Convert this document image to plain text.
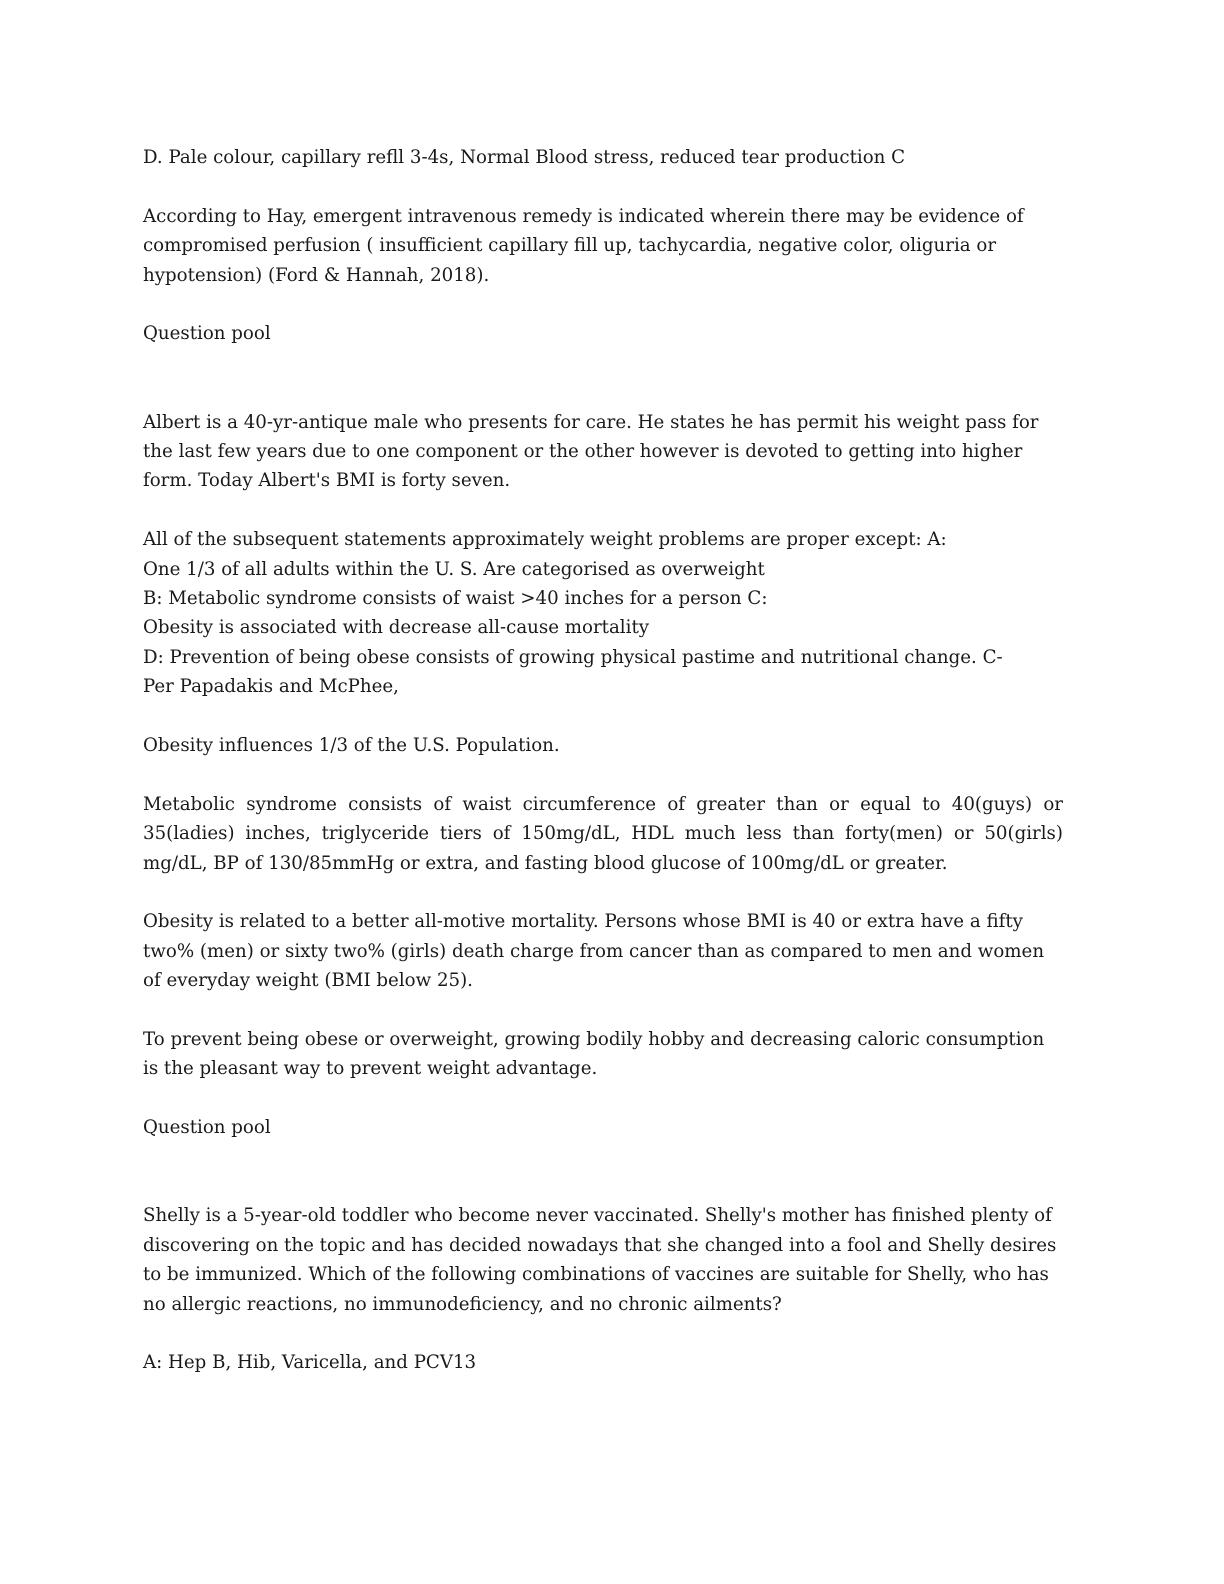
D. Pale colour, capillary refll 3-4s, Normal Blood stress, reduced tear production C

According to Hay, emergent intravenous remedy is indicated wherein there may be evidence of

compromised perfusion ( insufficient capillary fill up, tachycardia, negative color, oliguria or

hypotension) (Ford & Hannah, 2018).

Question pool

Albert is a 40-yr-antique male who presents for care. He states he has permit his weight pass for

the last few years due to one component or the other however is devoted to getting into higher

form. Today Albert's BMI is forty seven.

All of the subsequent statements approximately weight problems are proper except: A:

One 1/3 of all adults within the U. S. Are categorised as overweight

B: Metabolic syndrome consists of waist >40 inches for a person C:

Obesity is associated with decrease all-cause mortality

D: Prevention of being obese consists of growing physical pastime and nutritional change. C-

Per Papadakis and McPhee,

Obesity influences 1/3 of the U.S. Population.

Metabolic syndrome consists of waist circumference of greater than or equal to 40(guys) or

35(ladies) inches, triglyceride tiers of 150mg/dL, HDL much less than forty(men) or 50(girls)

mg/dL, BP of 130/85mmHg or extra, and fasting blood glucose of 100mg/dL or greater.

Obesity is related to a better all-motive mortality. Persons whose BMI is 40 or extra have a fifty

two% (men) or sixty two% (girls) death charge from cancer than as compared to men and women

of everyday weight (BMI below 25).

To prevent being obese or overweight, growing bodily hobby and decreasing caloric consumption

is the pleasant way to prevent weight advantage.

Question pool

Shelly is a 5-year-old toddler who become never vaccinated. Shelly's mother has finished plenty of

discovering on the topic and has decided nowadays that she changed into a fool and Shelly desires

to be immunized. Which of the following combinations of vaccines are suitable for Shelly, who has

no allergic reactions, no immunodeficiency, and no chronic ailments?

A: Hep B, Hib, Varicella, and PCV13
